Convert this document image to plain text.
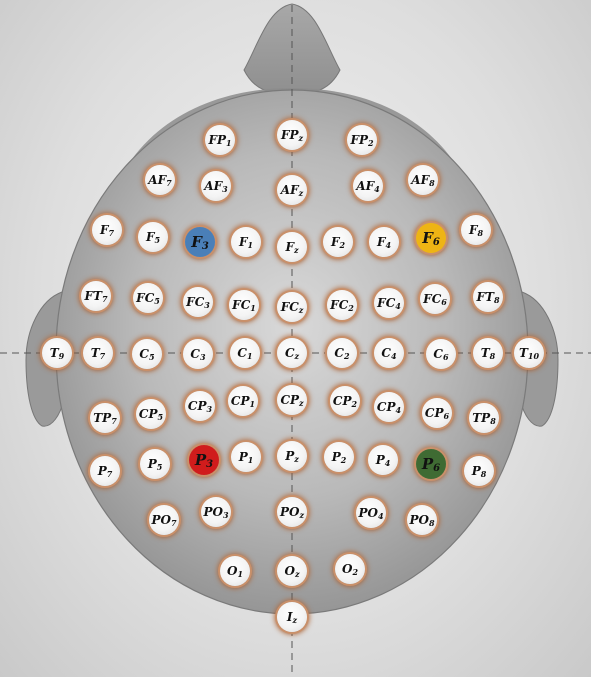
$FP_1$
$FP_z$	$FP_2$
$AF_7$	$AF_3$	$AF_z$	$AF_4$
$AF_8$
$F_7$	$F_5$ $F_3$	$F_1$	$F_z$
$F_2$	$F_4$ $F_6$
$F_8$
$FT_7$ $FC_5$ $FC_3$ $FC_1$ $FC_z$ $FC_2$ $FC_4$ $FC_6$ $FT_8$
$T_9$ $T_7$	$C_5$	$C_3$	$C_1$	$C_z$	$C_2$	$C_4$	$C_6$	$T_8$ $T_{10}$
$TP_7$ $CP_5$
$CP_3$
$CP_1$ $CP_z$ $CP_2$ $CP_4$ $CP_6$ $TP_8$
$P_7$
$P_5$ $P_3$
$P_1$	$P_z$	$P_2$ $P_4$ $P_6$	$P_8$
$PO_7$
$PO_3$	$PO_z$	$PO_4$ $PO_8$
$O_1$	$O_z$	$O_2$
$I_z$
